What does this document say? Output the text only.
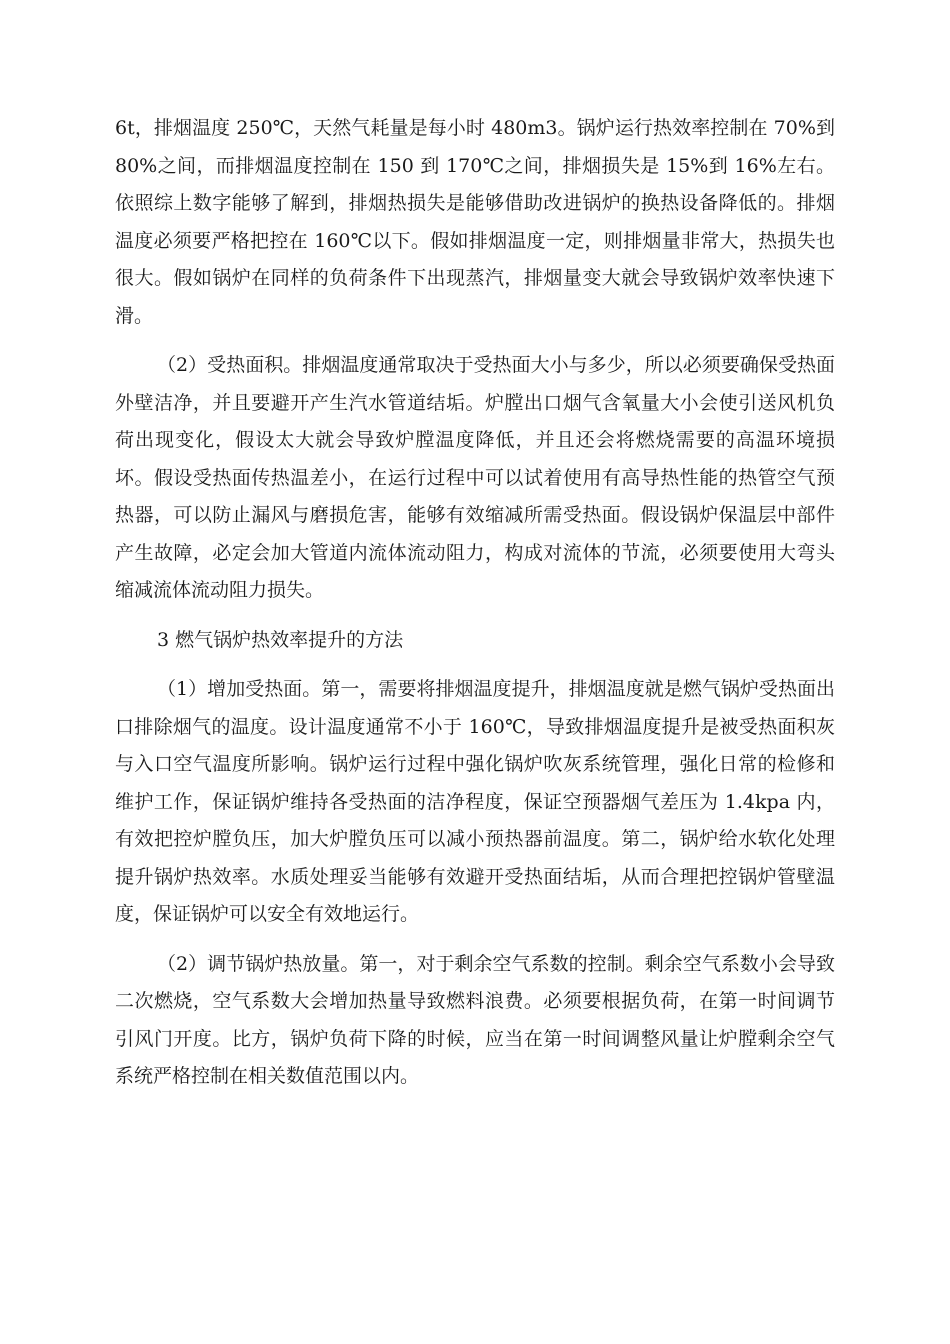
6t，排烟温度 250℃，天然气耗量是每小时 480m3。锅炉运行热效率控制在 70%到 80%之间，而排烟温度控制在 150 到 170℃之间，排烟损失是 15%到 16%左右。依照综上数字能够了解到，排烟热损失是能够借助改进锅炉的换热设备降低的。排烟温度必须要严格把控在 160℃以下。假如排烟温度一定，则排烟量非常大，热损失也很大。假如锅炉在同样的负荷条件下出现蒸汽，排烟量变大就会导致锅炉效率快速下滑。

（2）受热面积。排烟温度通常取决于受热面大小与多少，所以必须要确保受热面外壁洁净，并且要避开产生汽水管道结垢。炉膛出口烟气含氧量大小会使引送风机负荷出现变化，假设太大就会导致炉膛温度降低，并且还会将燃烧需要的高温环境损坏。假设受热面传热温差小，在运行过程中可以试着使用有高导热性能的热管空气预热器，可以防止漏风与磨损危害，能够有效缩减所需受热面。假设锅炉保温层中部件产生故障，必定会加大管道内流体流动阻力，构成对流体的节流，必须要使用大弯头缩减流体流动阻力损失。

3 燃气锅炉热效率提升的方法

（1）增加受热面。第一，需要将排烟温度提升，排烟温度就是燃气锅炉受热面出口排除烟气的温度。设计温度通常不小于 160℃，导致排烟温度提升是被受热面积灰与入口空气温度所影响。锅炉运行过程中强化锅炉吹灰系统管理，强化日常的检修和维护工作，保证锅炉维持各受热面的洁净程度，保证空预器烟气差压为 1.4kpa 内，有效把控炉膛负压，加大炉膛负压可以减小预热器前温度。第二，锅炉给水软化处理提升锅炉热效率。水质处理妥当能够有效避开受热面结垢，从而合理把控锅炉管壁温度，保证锅炉可以安全有效地运行。

（2）调节锅炉热放量。第一，对于剩余空气系数的控制。剩余空气系数小会导致二次燃烧，空气系数大会增加热量导致燃料浪费。必须要根据负荷，在第一时间调节引风门开度。比方，锅炉负荷下降的时候，应当在第一时间调整风量让炉膛剩余空气系统严格控制在相关数值范围以内。
